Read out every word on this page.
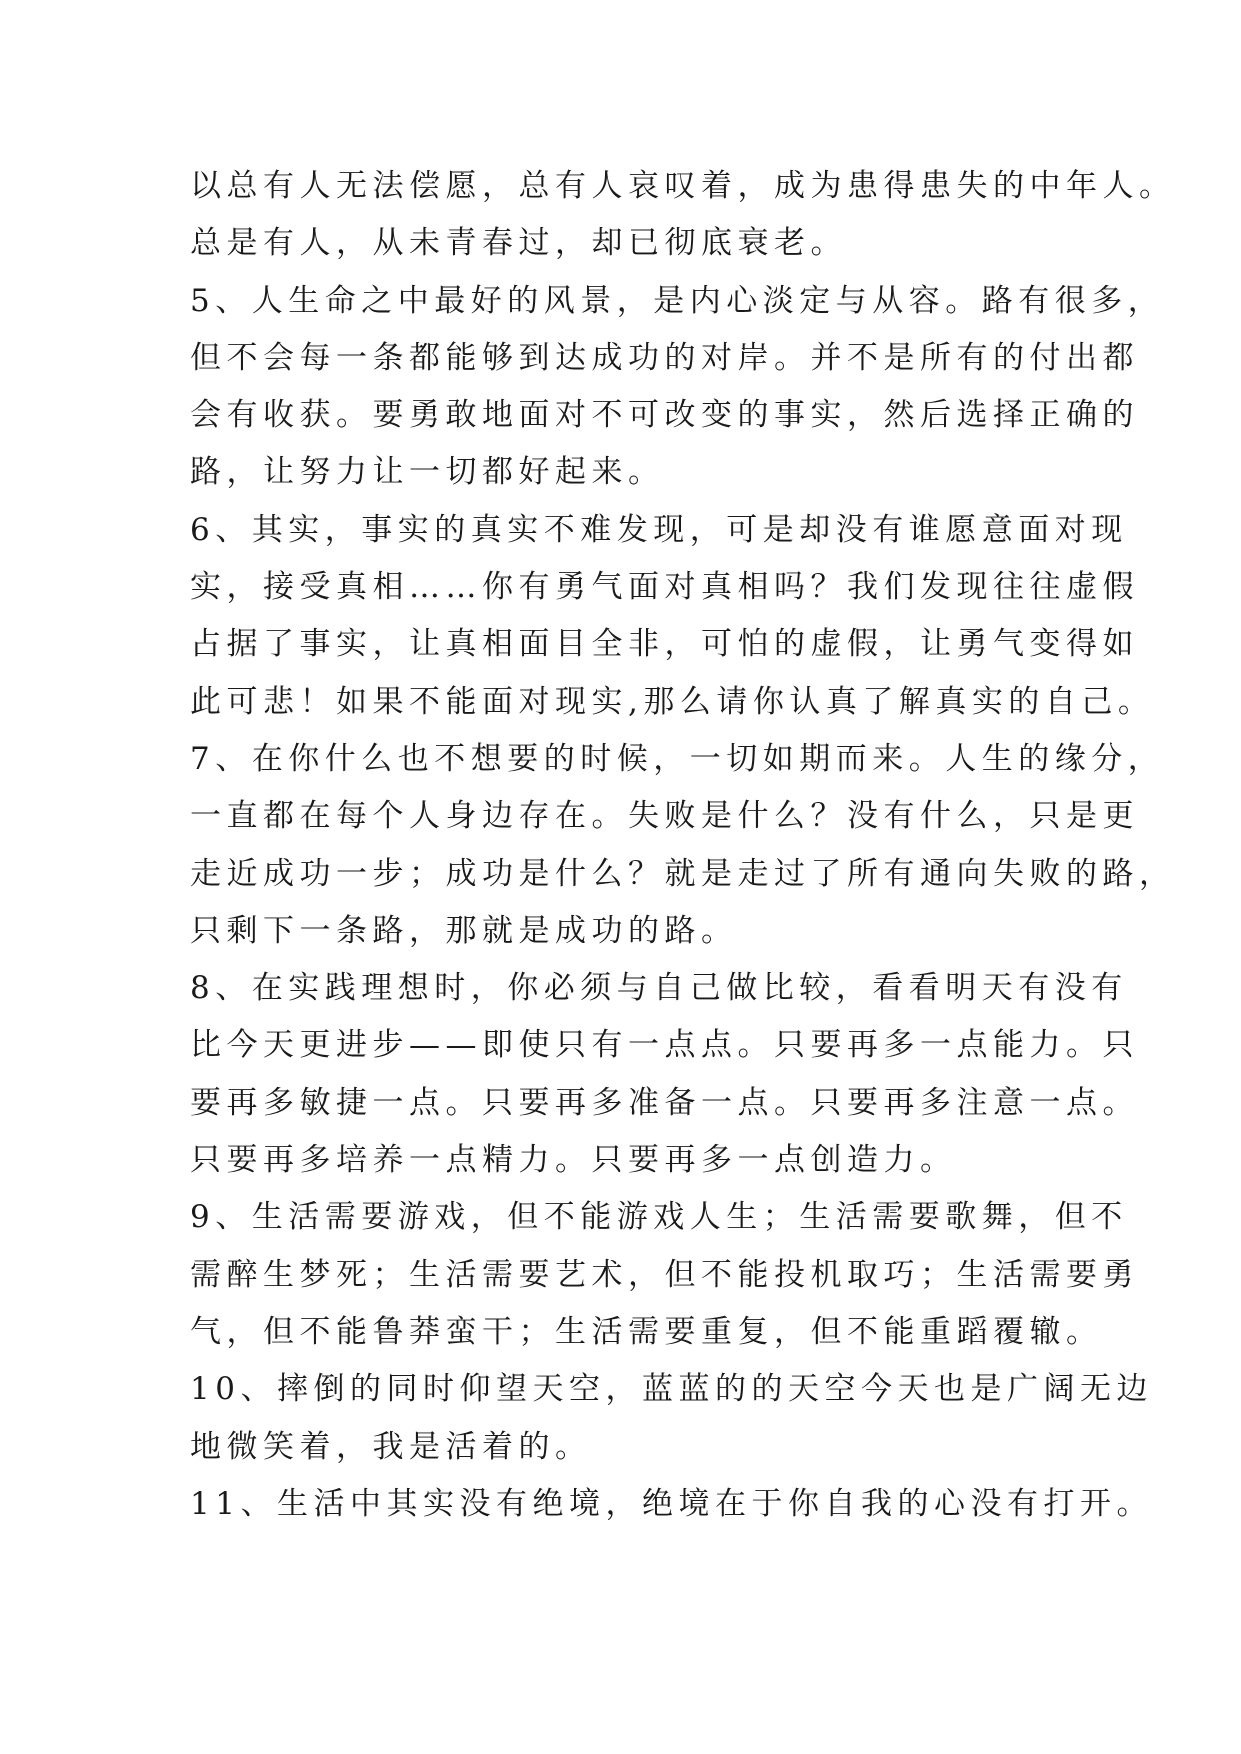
以总有人无法偿愿，总有人哀叹着，成为患得患失的中年人。
总是有人，从未青春过，却已彻底衰老。
5、人生命之中最好的风景，是内心淡定与从容。路有很多，
但不会每一条都能够到达成功的对岸。并不是所有的付出都
会有收获。要勇敢地面对不可改变的事实，然后选择正确的
路，让努力让一切都好起来。
6、其实，事实的真实不难发现，可是却没有谁愿意面对现
实，接受真相……你有勇气面对真相吗？我们发现往往虚假
占据了事实，让真相面目全非，可怕的虚假，让勇气变得如
此可悲！如果不能面对现实,那么请你认真了解真实的自己。
7、在你什么也不想要的时候，一切如期而来。人生的缘分，
一直都在每个人身边存在。失败是什么？没有什么，只是更
走近成功一步；成功是什么？就是走过了所有通向失败的路，
只剩下一条路，那就是成功的路。
8、在实践理想时，你必须与自己做比较，看看明天有没有
比今天更进步——即使只有一点点。只要再多一点能力。只
要再多敏捷一点。只要再多准备一点。只要再多注意一点。
只要再多培养一点精力。只要再多一点创造力。
9、生活需要游戏，但不能游戏人生；生活需要歌舞，但不
需醉生梦死；生活需要艺术，但不能投机取巧；生活需要勇
气，但不能鲁莽蛮干；生活需要重复，但不能重蹈覆辙。
10、摔倒的同时仰望天空，蓝蓝的的天空今天也是广阔无边
地微笑着，我是活着的。
11、生活中其实没有绝境，绝境在于你自我的心没有打开。
